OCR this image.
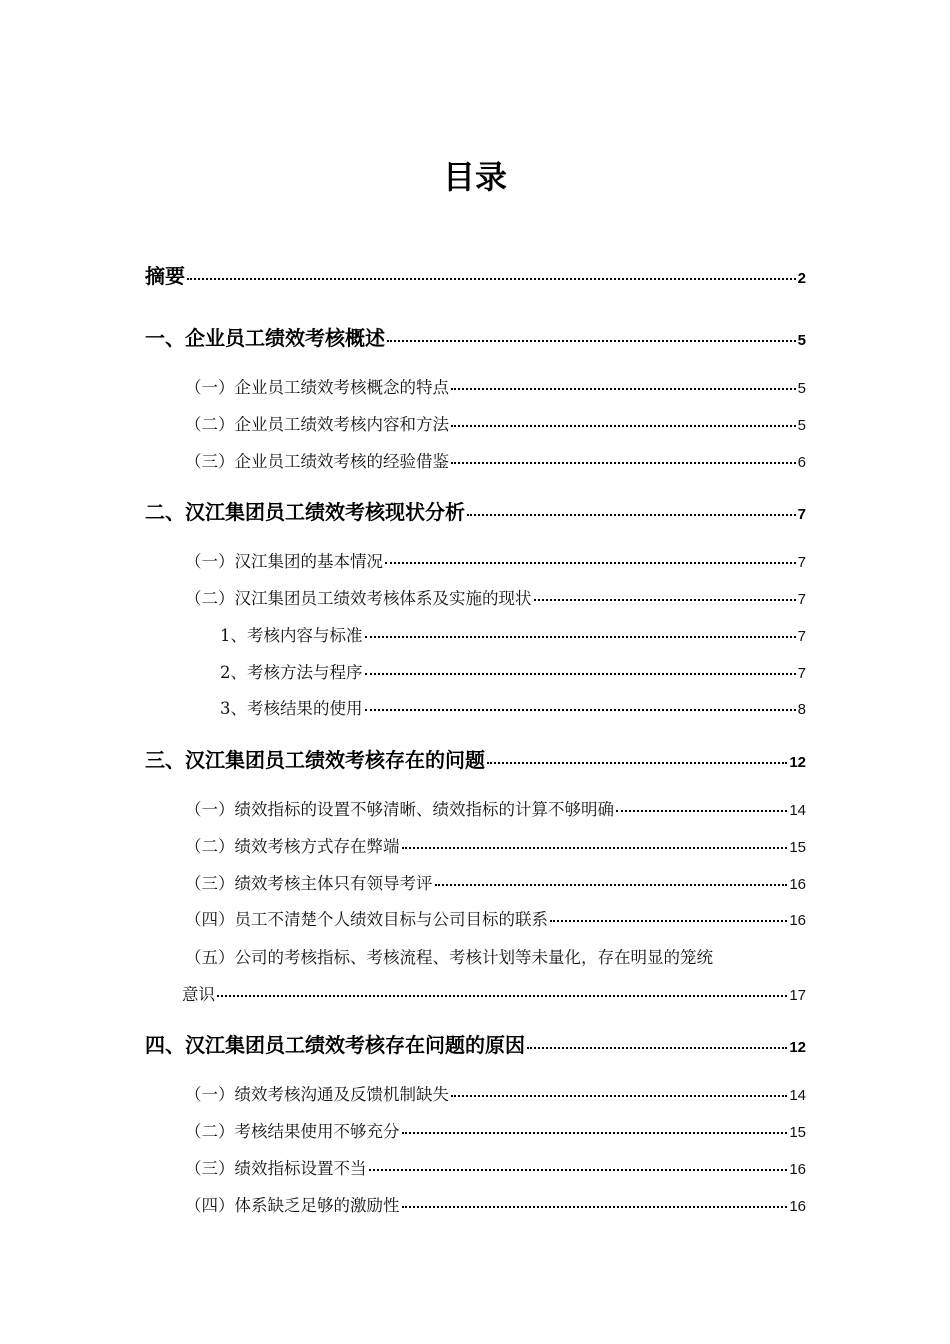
目录
摘要	2
一、企业员工绩效考核概述	5
（一）企业员工绩效考核概念的特点	5
（二）企业员工绩效考核内容和方法	5
（三）企业员工绩效考核的经验借鉴	6
二、汉江集团员工绩效考核现状分析	7
（一）汉江集团的基本情况	7
（二）汉江集团员工绩效考核体系及实施的现状	7
1、考核内容与标准	7
2、考核方法与程序	7
3、考核结果的使用	8
三、汉江集团员工绩效考核存在的问题	12
（一）绩效指标的设置不够清晰、绩效指标的计算不够明确	14
（二）绩效考核方式存在弊端	15
（三）绩效考核主体只有领导考评	16
（四）员工不清楚个人绩效目标与公司目标的联系	16
（五）公司的考核指标、考核流程、考核计划等未量化，存在明显的笼统
意识	17
四、汉江集团员工绩效考核存在问题的原因	12
（一）绩效考核沟通及反馈机制缺失	14
（二）考核结果使用不够充分	15
（三）绩效指标设置不当	16
（四）体系缺乏足够的激励性	16
